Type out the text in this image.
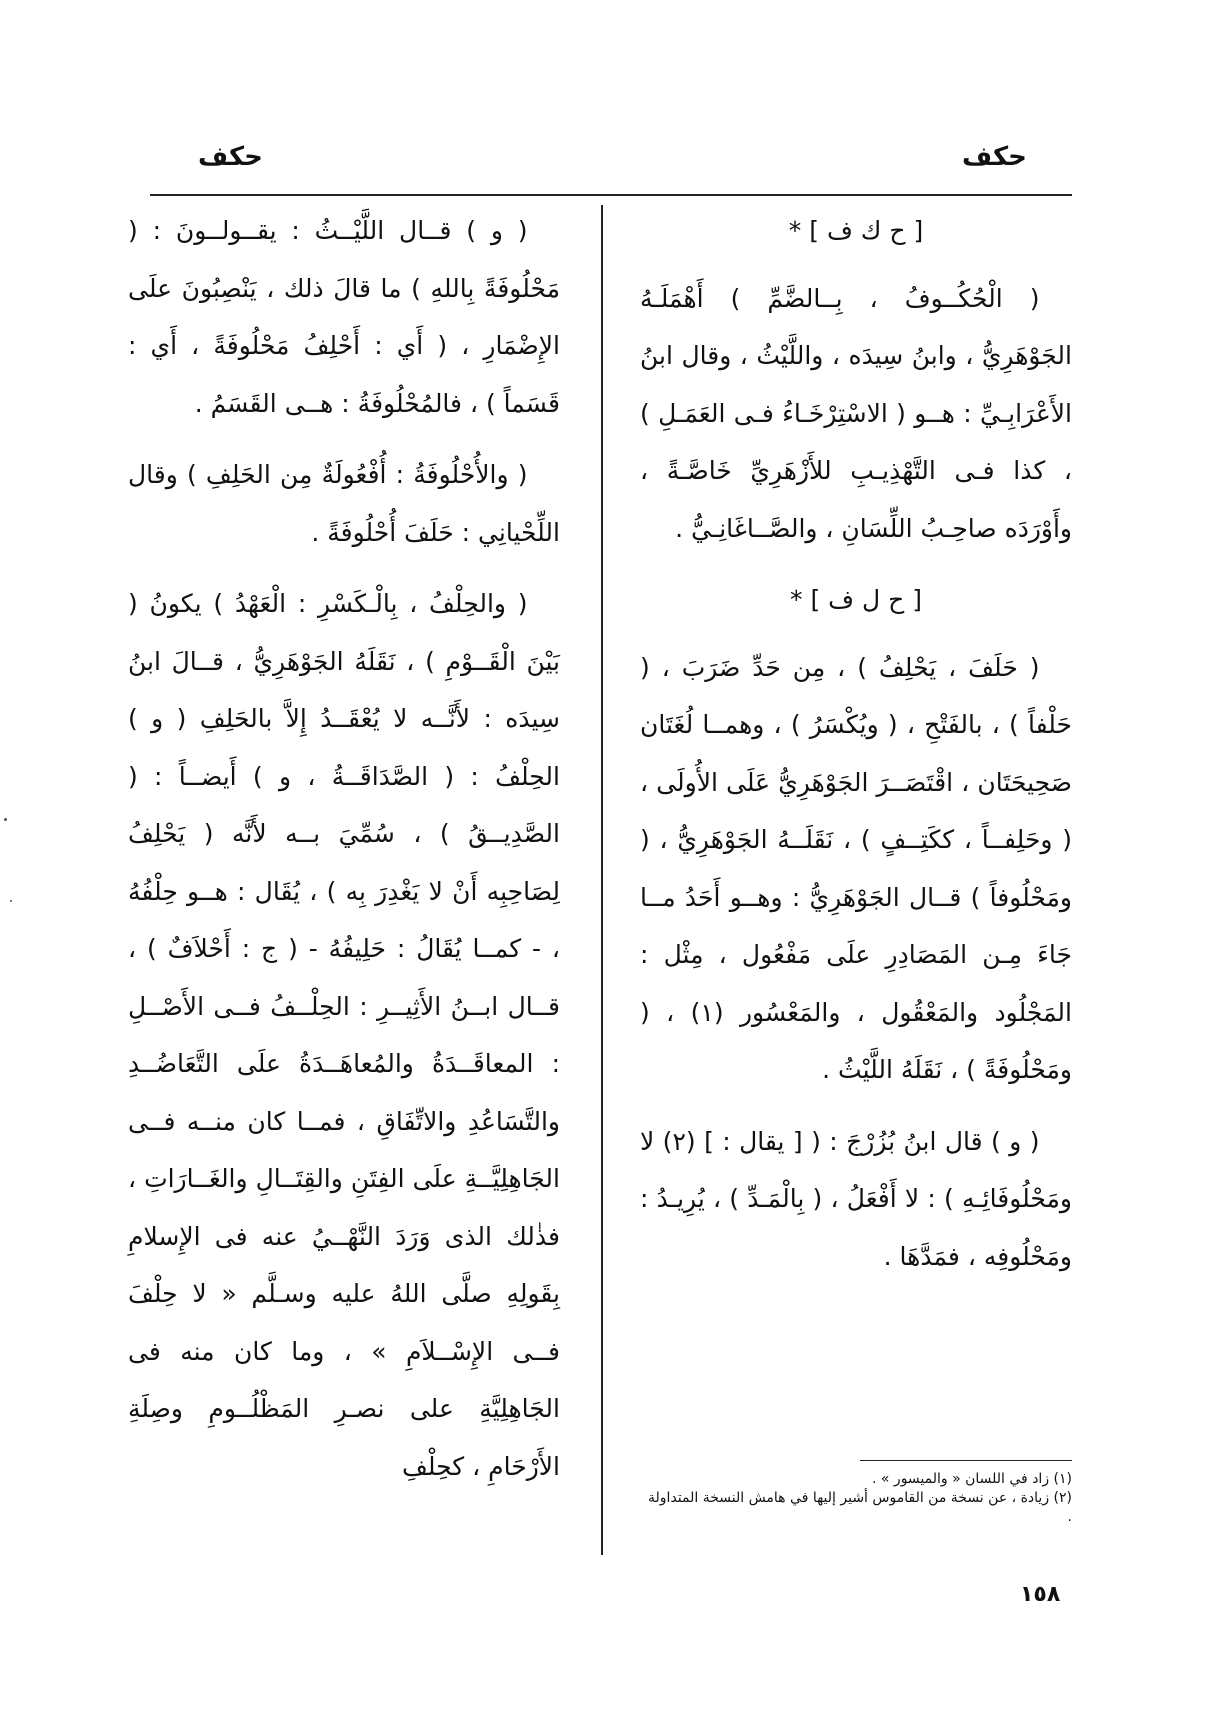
حكف
حكف

[ ح ك ف ] *

( الْحُكُــوفُ ، بِــالضَّمِّ ) أَهْمَلَـهُ الجَوْهَرِيُّ ، وابنُ سِيدَه ، واللَّيْثُ ، وقال ابنُ الأَعْرَابِـيِّ : هــو ( الاسْتِرْخَـاءُ فـى العَمَـلِ ) ، كذا فـى التَّهْذِيـبِ للأَزْهَرِيِّ خَاصَّـةً ، وأَوْرَدَه صاحِـبُ اللِّسَانِ ، والصَّــاغَانِـيُّ .

[ ح ل ف ] *

( حَلَفَ ، يَحْلِفُ ) ، مِن حَدِّ ضَرَبَ ، ( حَلْفاً ) ، بالفَتْحِ ، ( ويُكْسَرُ ) ، وهمــا لُغَتَان صَحِيحَتَان ، اقْتَصَــرَ الجَوْهَرِيُّ عَلَى الأُولَى ، ( وحَلِفــاً ، ككَتِــفٍ ) ، نَقَلَــهُ الجَوْهَرِيُّ ، ( ومَحْلُوفاً ) قــال الجَوْهَرِيُّ : وهــو أَحَدُ مــا جَاءَ مِـن المَصَادِرِ علَى مَفْعُول ، مِثْل : المَجْلُود والمَعْقُول ، والمَعْسُور (١) ، ( ومَحْلُوفَةً ) ، نَقَلَهُ اللَّيْثُ .

( و ) قال ابنُ بُزُرْجَ : ( [ يقال : ] (٢) لا ومَحْلُوفَائِـهِ ) : لا أَفْعَلُ ، ( بِالْمَـدِّ ) ، يُرِيـدُ : ومَحْلُوفِه ، فمَدَّهَا .

( و ) قــال اللَّيْــثُ : يقــولــونَ : ( مَحْلُوفَةً بِاللهِ ) ما قالَ ذلك ، يَنْصِبُونَ علَى الإِضْمَارِ ، ( أَي : أَحْلِفُ مَحْلُوفَةً ، أَي : قَسَماً ) ، فالمُحْلُوفَةُ : هــى القَسَمُ .

( والأُحْلُوفَةُ : أُفْعُولَةٌ مِن الحَلِفِ ) وقال اللِّحْيانِي : حَلَفَ أُحْلُوفَةً .

( والحِلْفُ ، بِالْـكَسْرِ : الْعَهْدُ ) يكونُ ( بَيْنَ الْقَــوْمِ ) ، نَقَلَهُ الجَوْهَرِيُّ ، قــالَ ابنُ سِيدَه : لأَنَّــه لا يُعْقَــدُ إِلاَّ بالحَلِفِ ( و ) الحِلْفُ : ( الصَّدَاقَــةُ ، و ) أَيضــاً : ( الصَّدِيــقُ ) ، سُمِّيَ بــه لأَنَّه ( يَحْلِفُ لِصَاحِبِه أَنْ لا يَغْدِرَ بِه ) ، يُقَال : هــو حِلْفُهُ ، - كمــا يُقَالُ : حَلِيفُهُ - ( ج : أَحْلاَفٌ ) ، قــال ابــنُ الأَثِيــرِ : الحِلْــفُ فــى الأَصْــلِ : المعاقَــدَةُ والمُعاهَــدَةُ علَى التَّعَاضُــدِ والتَّسَاعُدِ والاتِّفَاقِ ، فمــا كان منــه فــى الجَاهِلِيَّــةِ علَى الفِتَنِ والقِتَــالِ والغَــارَاتِ ، فذٰلك الذى وَرَدَ النَّهْــيُ عنه فى الإِسلامِ بِقَولِهِ صلَّى اللهُ عليه وسـلَّم « لا حِلْفَ فــى الإِسْــلاَمِ » ، وما كان منه فى الجَاهِلِيَّةِ على نصـرِ المَظْلُــومِ وصِلَةِ الأَرْحَامِ ، كحِلْفِ	(١) زاد في اللسان « والميسور » .

(٢) زيادة ، عن نسخة من القاموس أشير إليها في هامش النسخة المتداولة .

١٥٨
